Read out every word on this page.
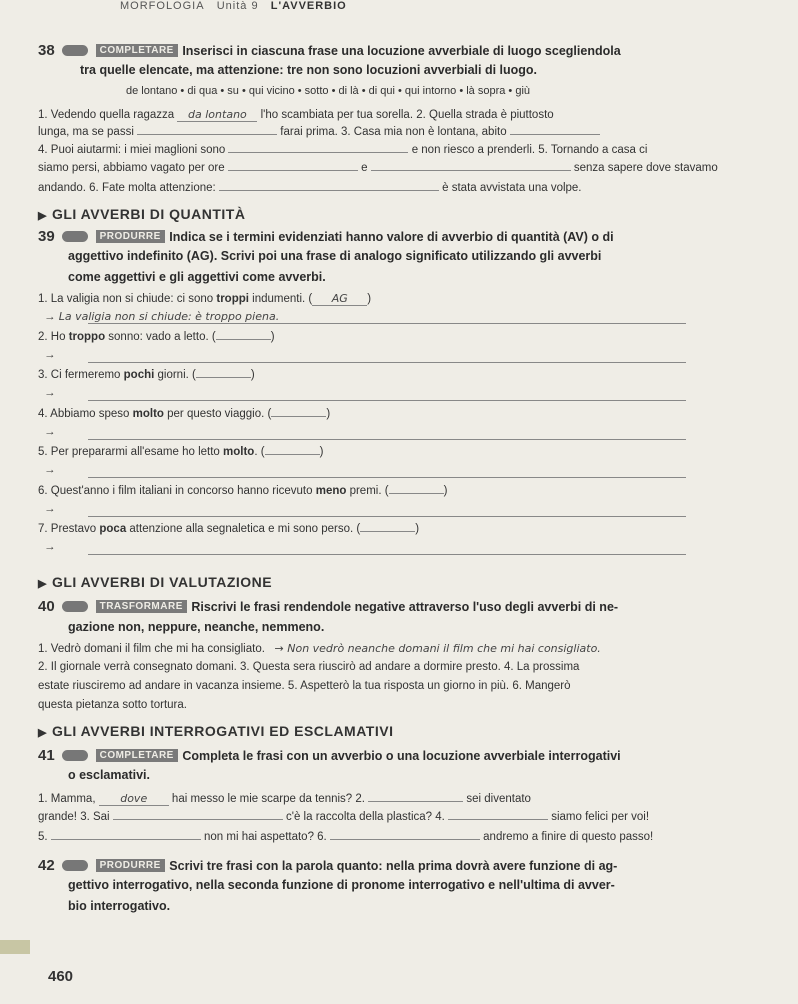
MORFOLOGIA Unità 9 L'AVVERBIO
38	COMPLETARE Inserisci in ciascuna frase una locuzione avverbiale di luogo scegliendola
tra quelle elencate, ma attenzione: tre non sono locuzioni avverbiali di luogo.
de lontano • di qua • su • qui vicino • sotto • di là • di qui • qui intorno • là sopra • giù
1. Vedendo quella ragazza da lontano l'ho scambiata per tua sorella. 2. Quella strada è piuttosto
lunga, ma se passi	farai prima. 3. Casa mia non è lontana, abito
4. Puoi aiutarmi: i miei maglioni sono	e non riesco a prenderli. 5. Tornando a casa ci
siamo persi, abbiamo vagato per ore	e	senza sapere dove stavamo
andando. 6. Fate molta attenzione:	è stata avvistata una volpe.
▶ GLI AVVERBI DI QUANTITÀ
39	PRODURRE Indica se i termini evidenziati hanno valore di avverbio di quantità (AV) o di
aggettivo indefinito (AG). Scrivi poi una frase di analogo significato utilizzando gli avverbi
come aggettivi e gli aggettivi come avverbi.
1. La valigia non si chiude: ci sono troppi indumenti. ( AG )
→ La valigia non si chiude: è troppo piena.
2. Ho troppo sonno: vado a letto. (	)
→
3. Ci fermeremo pochi giorni. (	)
→
4. Abbiamo speso molto per questo viaggio. (	)
→
5. Per prepararmi all'esame ho letto molto. (	)
→
6. Quest'anno i film italiani in concorso hanno ricevuto meno premi. (	)
→
7. Prestavo poca attenzione alla segnaletica e mi sono perso. (	)
→
▶ GLI AVVERBI DI VALUTAZIONE
40	TRASFORMARE Riscrivi le frasi rendendole negative attraverso l'uso degli avverbi di ne-
gazione non, neppure, neanche, nemmeno.
1. Vedrò domani il film che mi ha consigliato. → Non vedrò neanche domani il film che mi hai consigliato.
2. Il giornale verrà consegnato domani. 3. Questa sera riuscirò ad andare a dormire presto. 4. La prossima
estate riusciremo ad andare in vacanza insieme. 5. Aspetterò la tua risposta un giorno in più. 6. Mangerò
questa pietanza sotto tortura.
▶ GLI AVVERBI INTERROGATIVI ED ESCLAMATIVI
41	COMPLETARE Completa le frasi con un avverbio o una locuzione avverbiale interrogativi
o esclamativi.
1. Mamma, dove hai messo le mie scarpe da tennis? 2.	sei diventato
grande! 3. Sai	c'è la raccolta della plastica? 4.	siamo felici per voi!
5.	non mi hai aspettato? 6.	andremo a finire di questo passo!
42	PRODURRE Scrivi tre frasi con la parola quanto: nella prima dovrà avere funzione di ag-
gettivo interrogativo, nella seconda funzione di pronome interrogativo e nell'ultima di avver-
bio interrogativo.
460
